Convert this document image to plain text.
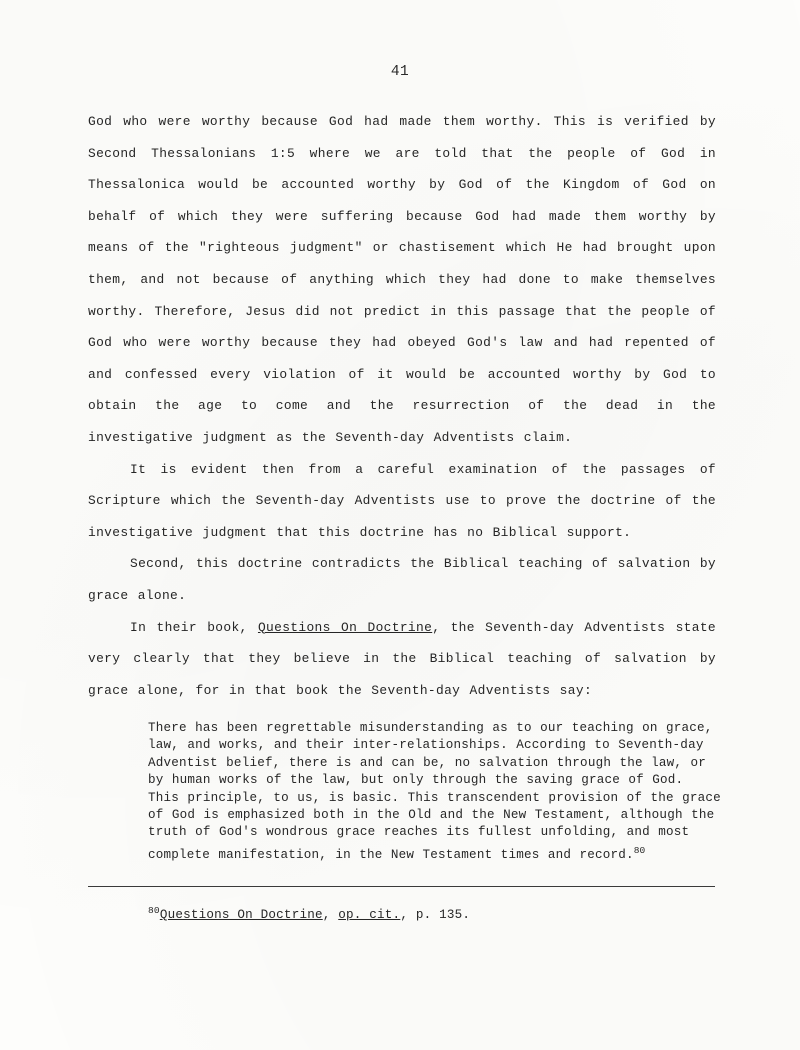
41

God who were worthy because God had made them worthy. This is verified by Second Thessalonians 1:5 where we are told that the people of God in Thessalonica would be accounted worthy by God of the Kingdom of God on behalf of which they were suffering because God had made them worthy by means of the "righteous judgment" or chastisement which He had brought upon them, and not because of anything which they had done to make themselves worthy. Therefore, Jesus did not predict in this passage that the people of God who were worthy because they had obeyed God's law and had repented of and confessed every violation of it would be accounted worthy by God to obtain the age to come and the resurrection of the dead in the investigative judgment as the Seventh-day Adventists claim.

It is evident then from a careful examination of the passages of Scripture which the Seventh-day Adventists use to prove the doctrine of the investigative judgment that this doctrine has no Biblical support.

Second, this doctrine contradicts the Biblical teaching of salvation by grace alone.

In their book, Questions On Doctrine, the Seventh-day Adventists state very clearly that they believe in the Biblical teaching of salvation by grace alone, for in that book the Seventh-day Adventists say:

There has been regrettable misunderstanding as to our teaching on grace, law, and works, and their inter-relationships. According to Seventh-day Adventist belief, there is and can be, no salvation through the law, or by human works of the law, but only through the saving grace of God. This principle, to us, is basic. This transcendent provision of the grace of God is emphasized both in the Old and the New Testament, although the truth of God's wondrous grace reaches its fullest unfolding, and most complete manifestation, in the New Testament times and record.$^{80}$

$^{80}$Questions On Doctrine, op. cit., p. 135.
